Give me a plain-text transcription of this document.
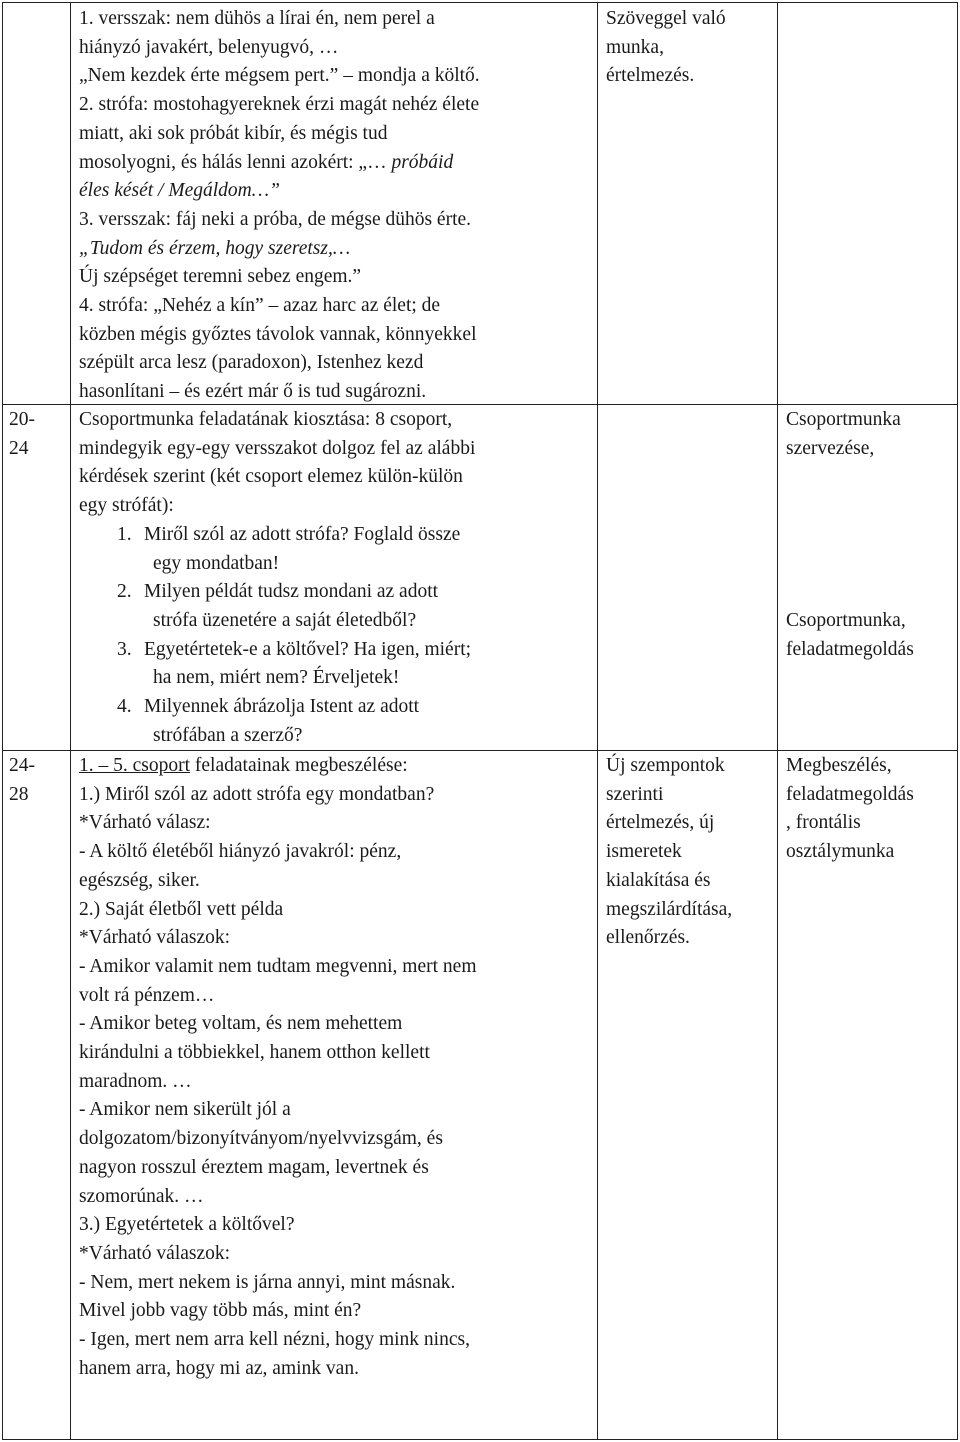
1. versszak: nem dühös a lírai én, nem perel a

hiányzó javakért, belenyugvó, …

„Nem kezdek érte mégsem pert.” – mondja a költő.

2. strófa: mostohagyereknek érzi magát nehéz élete

miatt, aki sok próbát kibír, és mégis tud

mosolyogni, és hálás lenni azokért: „… próbáid

éles kését / Megáldom…”

3. versszak: fáj neki a próba, de mégse dühös érte.

„Tudom és érzem, hogy szeretsz,…

Új szépséget teremni sebez engem.”

4. strófa: „Nehéz a kín” – azaz harc az élet; de

közben mégis győztes távolok vannak, könnyekkel

szépült arca lesz (paradoxon), Istenhez kezd

hasonlítani – és ezért már ő is tud sugározni.

Szöveggel való

munka,

értelmezés.

20-

24

Csoportmunka feladatának kiosztása: 8 csoport,

mindegyik egy-egy versszakot dolgoz fel az alábbi

kérdések szerint (két csoport elemez külön-külön

egy strófát):

1. Miről szól az adott strófa? Foglald össze

egy mondatban!

2. Milyen példát tudsz mondani az adott

strófa üzenetére a saját életedből?

3. Egyetértetek-e a költővel? Ha igen, miért;

ha nem, miért nem? Érveljetek!

4. Milyennek ábrázolja Istent az adott

strófában a szerző?

Csoportmunka

szervezése,

Csoportmunka,

feladatmegoldás

24-

28

1. – 5. csoport feladatainak megbeszélése:

1.) Miről szól az adott strófa egy mondatban?

*Várható válasz:

- A költő életéből hiányzó javakról: pénz,

egészség, siker.

2.) Saját életből vett példa

*Várható válaszok:

- Amikor valamit nem tudtam megvenni, mert nem

volt rá pénzem…

- Amikor beteg voltam, és nem mehettem

kirándulni a többiekkel, hanem otthon kellett

maradnom. …

- Amikor nem sikerült jól a

dolgozatom/bizonyítványom/nyelvvizsgám, és

nagyon rosszul éreztem magam, levertnek és

szomorúnak. …

3.) Egyetértetek a költővel?

*Várható válaszok:

- Nem, mert nekem is járna annyi, mint másnak.

Mivel jobb vagy több más, mint én?

- Igen, mert nem arra kell nézni, hogy mink nincs,

hanem arra, hogy mi az, amink van.

Új szempontok

szerinti

értelmezés, új

ismeretek

kialakítása és

megszilárdítása,

ellenőrzés.

Megbeszélés,

feladatmegoldás

, frontális

osztálymunka
